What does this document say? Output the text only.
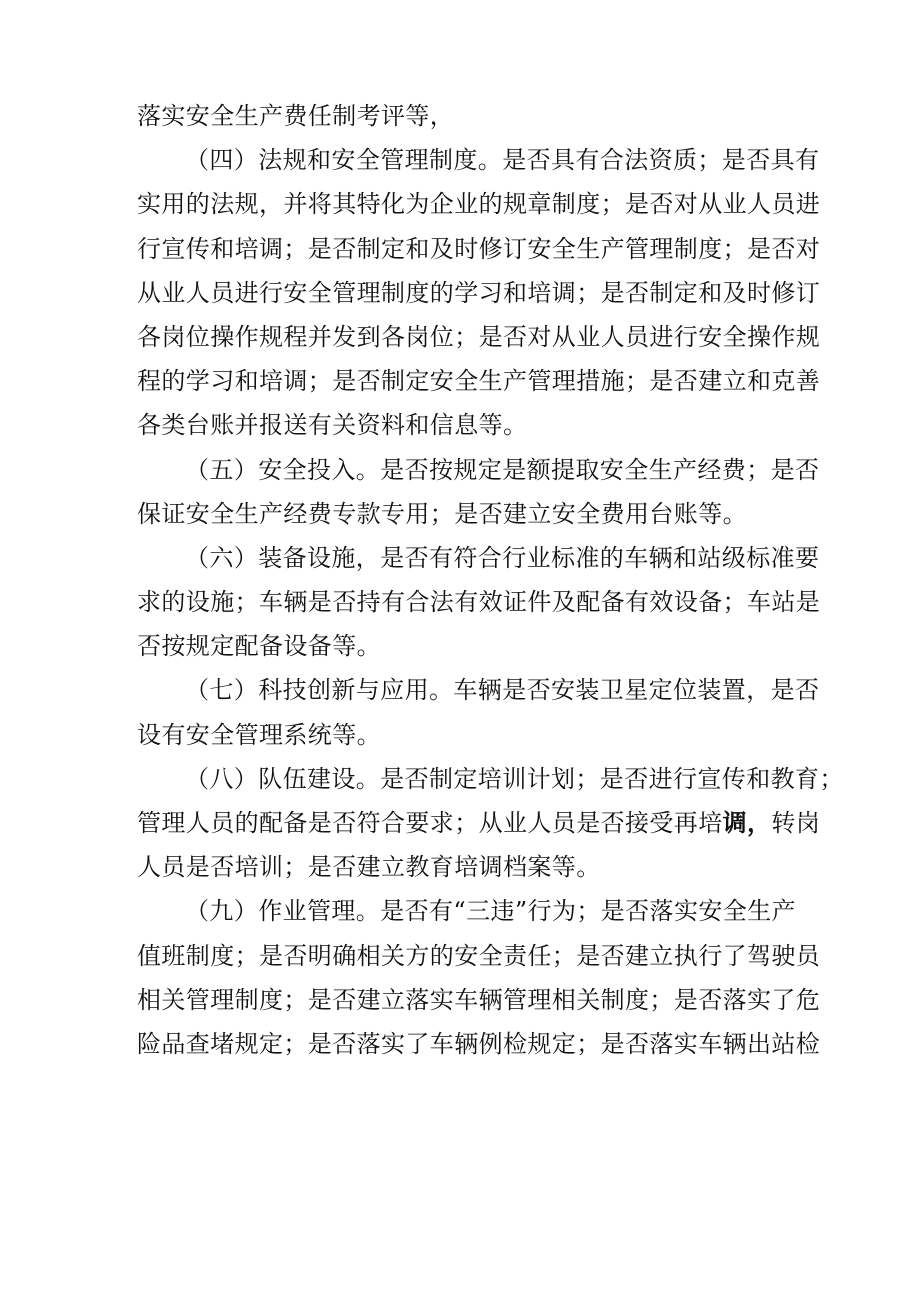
落实安全生产费任制考评等，
（四）法规和安全管理制度。是否具有合法资质；是否具有
实用的法规，并将其特化为企业的规章制度；是否对从业人员进
行宣传和培调；是否制定和及时修订安全生产管理制度；是否对
从业人员进行安全管理制度的学习和培调；是否制定和及时修订
各岗位操作规程并发到各岗位；是否对从业人员进行安全操作规
程的学习和培调；是否制定安全生产管理措施；是否建立和克善
各类台账并报送有关资料和信息等。
（五）安全投入。是否按规定是额提取安全生产经费；是否
保证安全生产经费专款专用；是否建立安全费用台账等。
（六）装备设施，是否有符合行业标准的车辆和站级标准要
求的设施；车辆是否持有合法有效证件及配备有效设备；车站是
否按规定配备设备等。
（七）科技创新与应用。车辆是否安装卫星定位装置，是否
设有安全管理系统等。
（八）队伍建设。是否制定培训计划；是否进行宣传和教育；
管理人员的配备是否符合要求；从业人员是否接受再培调，转岗
人员是否培训；是否建立教育培调档案等。
（九）作业管理。是否有“三违”行为；是否落实安全生产
值班制度；是否明确相关方的安全责任；是否建立执行了驾驶员
相关管理制度；是否建立落实车辆管理相关制度；是否落实了危
险品查堵规定；是否落实了车辆例检规定；是否落实车辆出站检
